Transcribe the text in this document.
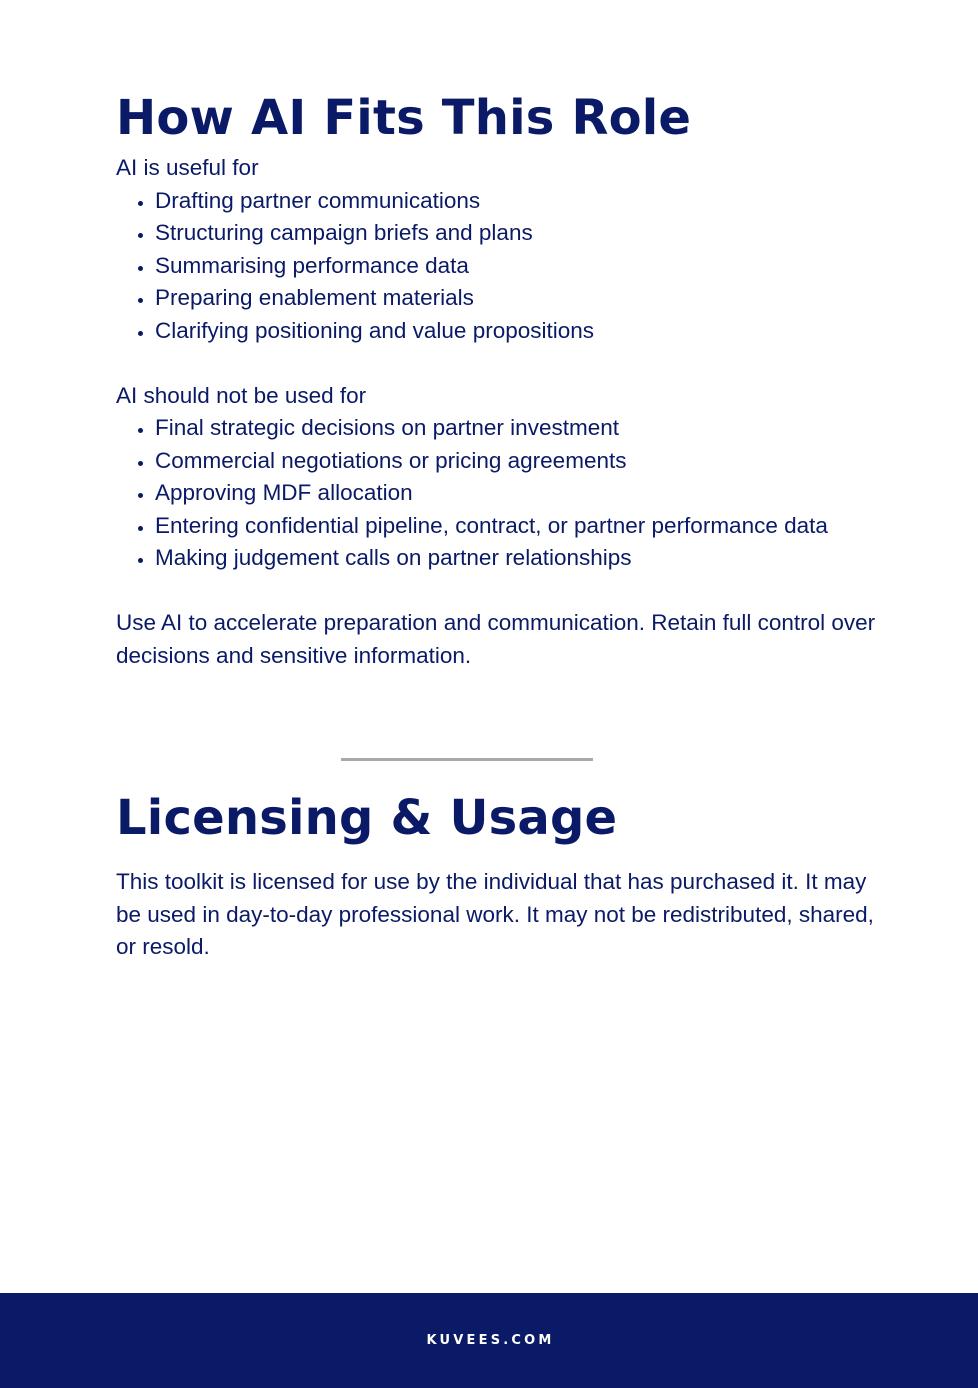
How AI Fits This Role

AI is useful for

• Drafting partner communications
• Structuring campaign briefs and plans
• Summarising performance data
• Preparing enablement materials
• Clarifying positioning and value propositions

AI should not be used for

• Final strategic decisions on partner investment
• Commercial negotiations or pricing agreements
• Approving MDF allocation
• Entering confidential pipeline, contract, or partner performance data
• Making judgement calls on partner relationships

Use AI to accelerate preparation and communication. Retain full control over decisions and sensitive information.

Licensing & Usage

This toolkit is licensed for use by the individual that has purchased it. It may be used in day-to-day professional work. It may not be redistributed, shared, or resold.

KUVEES.COM
